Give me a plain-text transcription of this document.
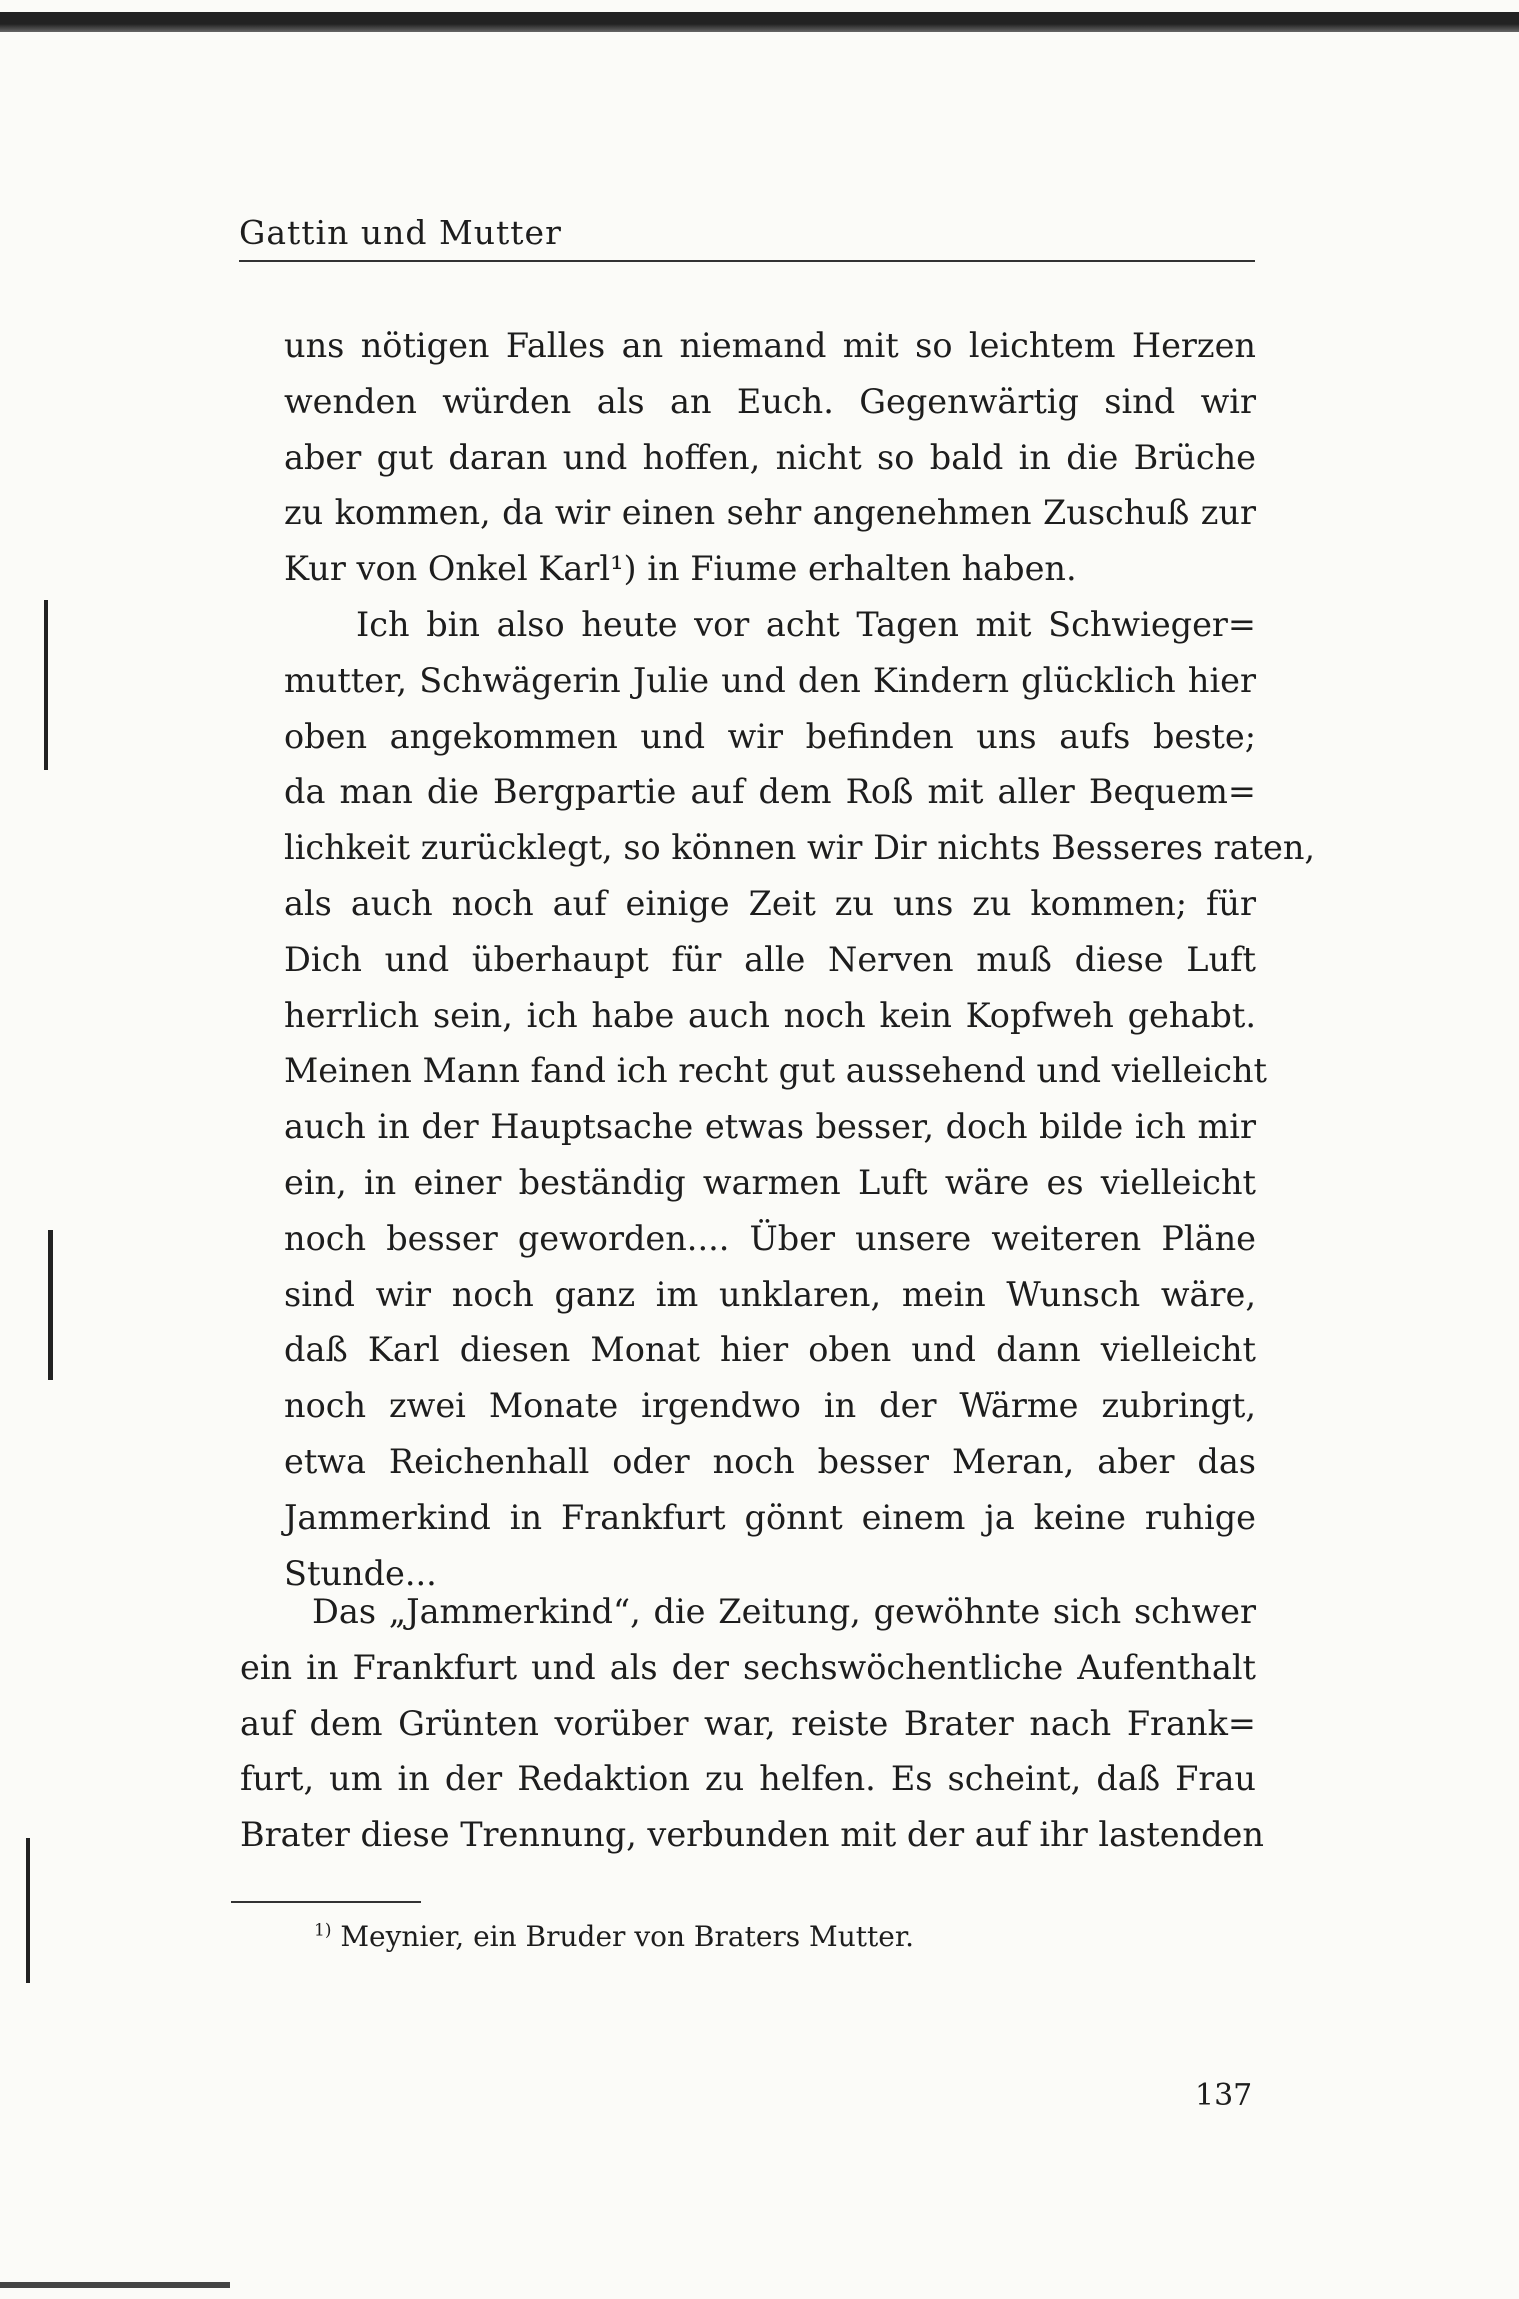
Gattin und Mutter
uns nötigen Falles an niemand mit so leichtem Herzen
wenden würden als an Euch. Gegenwärtig sind wir
aber gut daran und hoffen, nicht so bald in die Brüche
zu kommen, da wir einen sehr angenehmen Zuschuß zur
Kur von Onkel Karl¹) in Fiume erhalten haben.
Ich bin also heute vor acht Tagen mit Schwieger=
mutter, Schwägerin Julie und den Kindern glücklich hier
oben angekommen und wir befinden uns aufs beste;
da man die Bergpartie auf dem Roß mit aller Bequem=
lichkeit zurücklegt, so können wir Dir nichts Besseres raten,
als auch noch auf einige Zeit zu uns zu kommen; für
Dich und überhaupt für alle Nerven muß diese Luft
herrlich sein, ich habe auch noch kein Kopfweh gehabt.
Meinen Mann fand ich recht gut aussehend und vielleicht
auch in der Hauptsache etwas besser, doch bilde ich mir
ein, in einer beständig warmen Luft wäre es vielleicht
noch besser geworden.... Über unsere weiteren Pläne
sind wir noch ganz im unklaren, mein Wunsch wäre,
daß Karl diesen Monat hier oben und dann vielleicht
noch zwei Monate irgendwo in der Wärme zubringt,
etwa Reichenhall oder noch besser Meran, aber das
Jammerkind in Frankfurt gönnt einem ja keine ruhige
Stunde...
Das „Jammerkind“, die Zeitung, gewöhnte sich schwer
ein in Frankfurt und als der sechswöchentliche Aufenthalt
auf dem Grünten vorüber war, reiste Brater nach Frank=
furt, um in der Redaktion zu helfen. Es scheint, daß Frau
Brater diese Trennung, verbunden mit der auf ihr lastenden
$^{1)}$ Meynier, ein Bruder von Braters Mutter.
137
